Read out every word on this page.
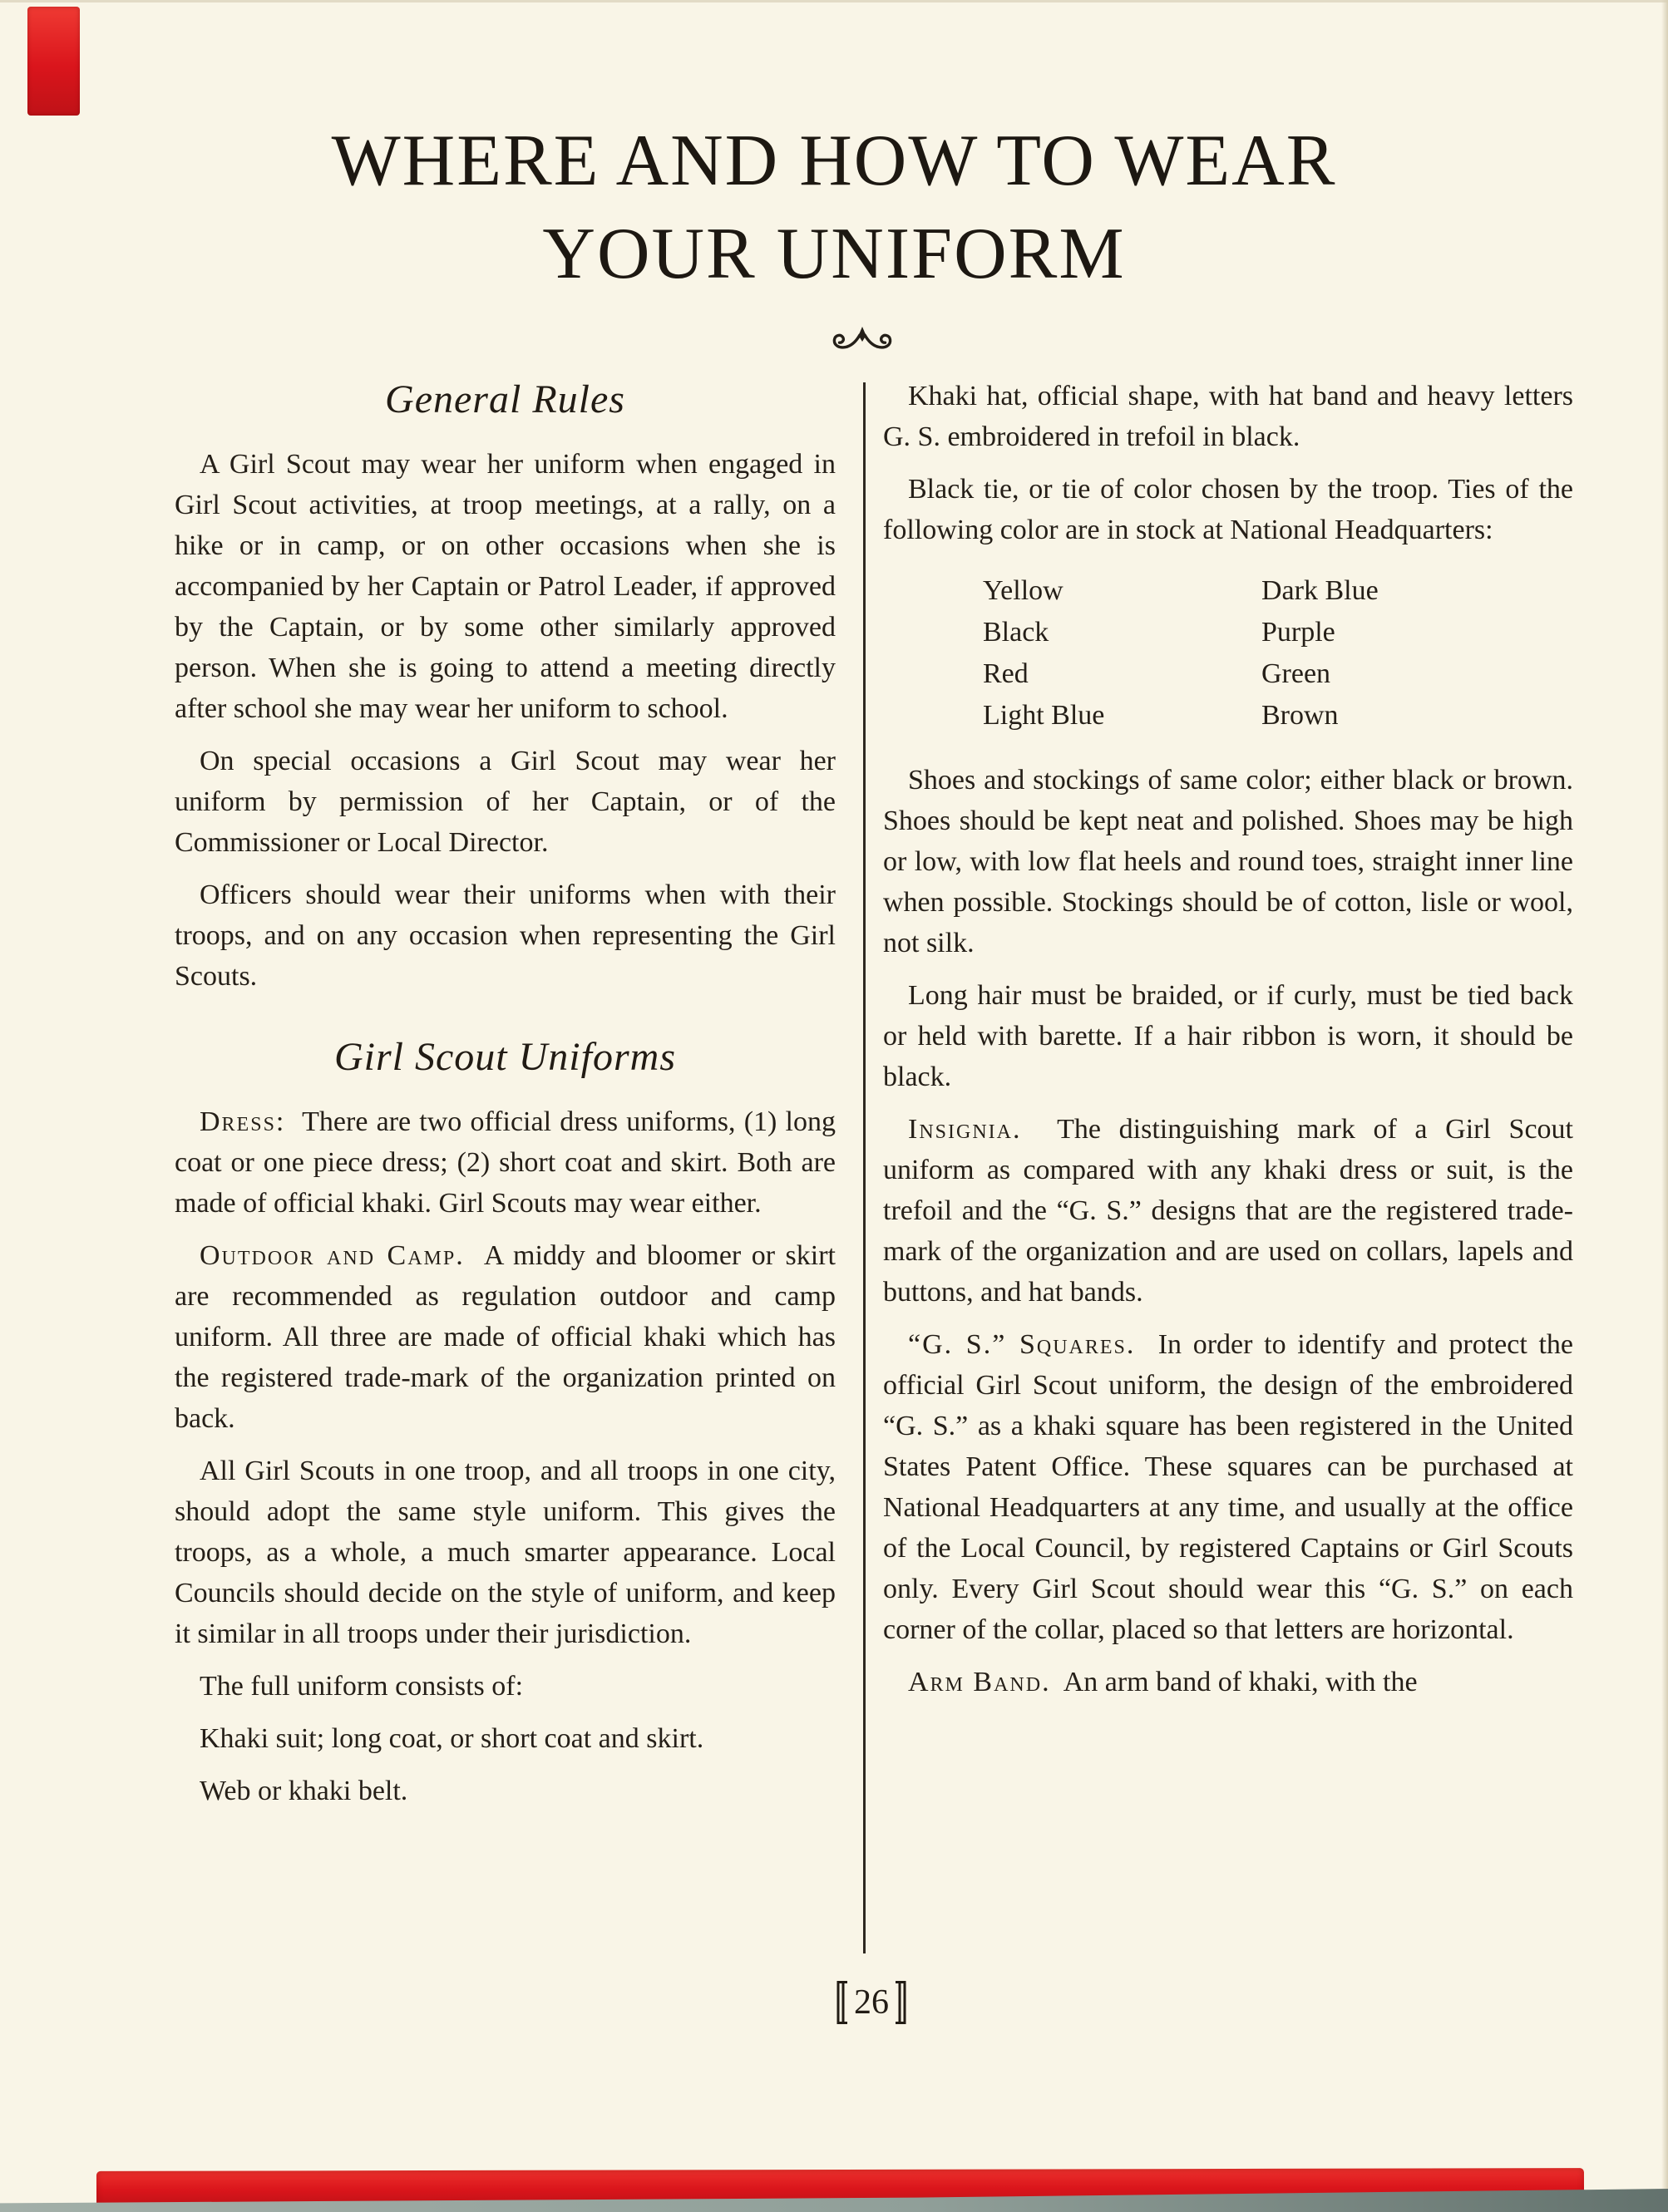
WHERE AND HOW TO WEAR
YOUR UNIFORM
General Rules

A Girl Scout may wear her uniform when engaged in Girl Scout activities, at troop meetings, at a rally, on a hike or in camp, or on other occasions when she is accompanied by her Captain or Patrol Leader, if approved by the Captain, or by some other similarly approved person. When she is going to attend a meeting directly after school she may wear her uniform to school.

On special occasions a Girl Scout may wear her uniform by permission of her Captain, or of the Commissioner or Local Director.

Officers should wear their uniforms when with their troops, and on any occasion when representing the Girl Scouts.

Girl Scout Uniforms

Dress: There are two official dress uniforms, (1) long coat or one piece dress; (2) short coat and skirt. Both are made of official khaki. Girl Scouts may wear either.

Outdoor and Camp. A middy and bloomer or skirt are recommended as regulation outdoor and camp uniform. All three are made of official khaki which has the registered trade-mark of the organization printed on back.

All Girl Scouts in one troop, and all troops in one city, should adopt the same style uniform. This gives the troops, as a whole, a much smarter appearance. Local Councils should decide on the style of uniform, and keep it similar in all troops under their jurisdiction.

The full uniform consists of:

Khaki suit; long coat, or short coat and skirt.

Web or khaki belt.

Khaki hat, official shape, with hat band and heavy letters G. S. embroidered in trefoil in black.

Black tie, or tie of color chosen by the troop. Ties of the following color are in stock at National Headquarters:

Yellow
Black
Red
Light Blue
Dark Blue
Purple
Green
Brown

Shoes and stockings of same color; either black or brown. Shoes should be kept neat and polished. Shoes may be high or low, with low flat heels and round toes, straight inner line when possible. Stockings should be of cotton, lisle or wool, not silk.

Long hair must be braided, or if curly, must be tied back or held with barette. If a hair ribbon is worn, it should be black.

Insignia. The distinguishing mark of a Girl Scout uniform as compared with any khaki dress or suit, is the trefoil and the “G. S.” designs that are the registered trade-mark of the organization and are used on collars, lapels and buttons, and hat bands.

“G. S.” Squares. In order to identify and protect the official Girl Scout uniform, the design of the embroidered “G. S.” as a khaki square has been registered in the United States Patent Office. These squares can be purchased at National Headquarters at any time, and usually at the office of the Local Council, by registered Captains or Girl Scouts only. Every Girl Scout should wear this “G. S.” on each corner of the collar, placed so that letters are horizontal.

Arm Band. An arm band of khaki, with the

26
